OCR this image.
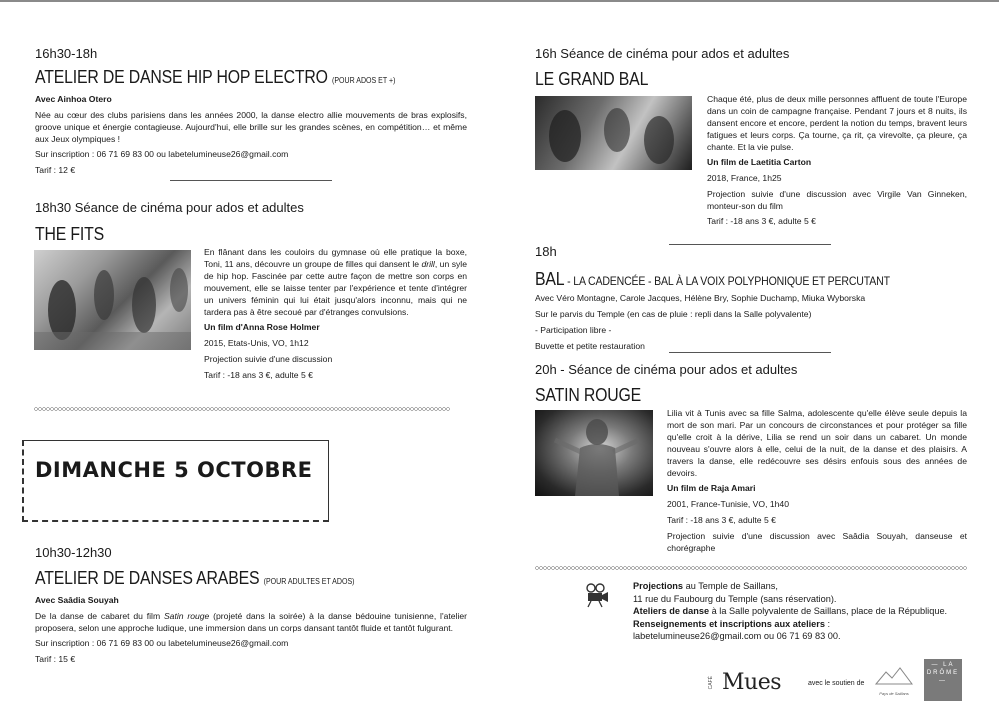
16h30-18h
ATELIER DE DANSE HIP HOP ELECTRO (POUR ADOS ET +)
Avec Ainhoa Otero
Née au cœur des clubs parisiens dans les années 2000, la danse electro allie mouvements de bras explosifs, groove unique et énergie contagieuse. Aujourd'hui, elle brille sur les grandes scènes, en compétition… et même aux Jeux olympiques !
Sur inscription : 06 71 69 83 00 ou labetelumineuse26@gmail.com
Tarif : 12 €
18h30 Séance de cinéma pour ados et adultes
THE FITS
En flânant dans les couloirs du gymnase où elle pratique la boxe, Toni, 11 ans, découvre un groupe de filles qui dansent le drill, un syle de hip hop. Fascinée par cette autre façon de mettre son corps en mouvement, elle se laisse tenter par l'expérience et tente d'intégrer un univers féminin qui lui était jusqu'alors inconnu, mais qui ne tardera pas à être secoué par d'étranges convulsions.
Un film d'Anna Rose Holmer
2015, Etats-Unis, VO, 1h12
Projection suivie d'une discussion
Tarif : -18 ans 3 €, adulte 5 €
DIMANCHE 5 OCTOBRE
10h30-12h30
ATELIER DE DANSES ARABES (POUR ADULTES ET ADOS)
Avec Saâdia Souyah
De la danse de cabaret du film Satin rouge (projeté dans la soirée) à la danse bédouine tunisienne, l'atelier proposera, selon une approche ludique, une immersion dans un corps dansant tantôt fluide et tantôt fulgurant.
Sur inscription : 06 71 69 83 00 ou labetelumineuse26@gmail.com
Tarif : 15 €
16h Séance de cinéma pour ados et adultes
LE GRAND BAL
Chaque été, plus de deux mille personnes affluent de toute l'Europe dans un coin de campagne française. Pendant 7 jours et 8 nuits, ils dansent encore et encore, perdent la notion du temps, bravent leurs fatigues et leurs corps. Ça tourne, ça rit, ça virevolte, ça pleure, ça chante. Et la vie pulse.
Un film de Laetitia Carton
2018, France, 1h25
Projection suivie d'une discussion avec Virgile Van Ginneken, monteur-son du film
Tarif : -18 ans 3 €, adulte 5 €
18h
BAL - LA CADENCÉE - BAL À LA VOIX POLYPHONIQUE ET PERCUTANT
Avec Véro Montagne, Carole Jacques, Hélène Bry, Sophie Duchamp, Miuka Wyborska
Sur le parvis du Temple (en cas de pluie : repli dans la Salle polyvalente)
- Participation libre -
Buvette et petite restauration
20h - Séance de cinéma pour ados et adultes
SATIN ROUGE
Lilia vit à Tunis avec sa fille Salma, adolescente qu'elle élève seule depuis la mort de son mari. Par un concours de circonstances et pour protéger sa fille qu'elle croit à la dérive, Lilia se rend un soir dans un cabaret. Un monde nouveau s'ouvre alors à elle, celui de la nuit, de la danse et des plaisirs. A travers la danse, elle redécouvre ses désirs enfouis sous des années de devoirs.
Un film de Raja Amari
2001, France-Tunisie, VO, 1h40
Tarif : -18 ans 3 €, adulte 5 €
Projection suivie d'une discussion avec Saâdia Souyah, danseuse et chorégraphe
Projections au Temple de Saillans,
11 rue du Faubourg du Temple (sans réservation).
Ateliers de danse à la Salle polyvalente de Saillans, place de la République.
Renseignements et inscriptions aux ateliers :
labetelumineuse26@gmail.com ou 06 71 69 83 00.
CAFÉ Mues	avec le soutien de
Pays de Saillans
— LA DRÔME —
